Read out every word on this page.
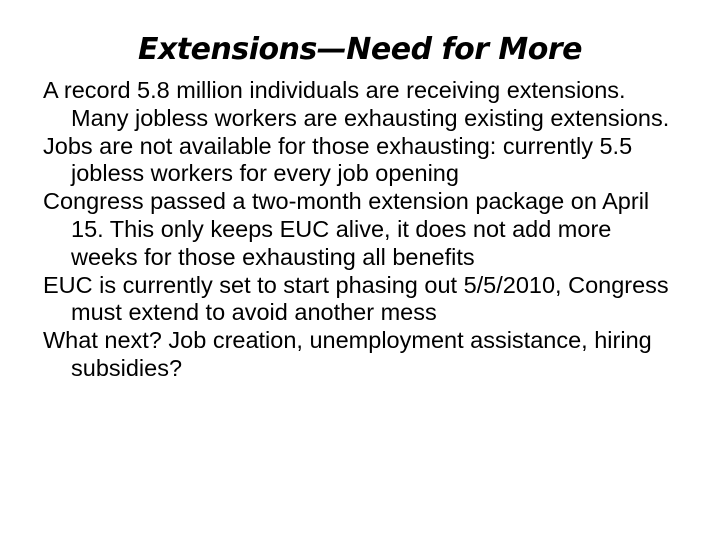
Extensions—Need for More

A record 5.8 million individuals are receiving extensions. Many jobless workers are exhausting existing extensions.

Jobs are not available for those exhausting: currently 5.5 jobless workers for every job opening

Congress passed a two-month extension package on April 15. This only keeps EUC alive, it does not add more weeks for those exhausting all benefits

EUC is currently set to start phasing out 5/5/2010, Congress must extend to avoid another mess

What next? Job creation, unemployment assistance, hiring subsidies?
